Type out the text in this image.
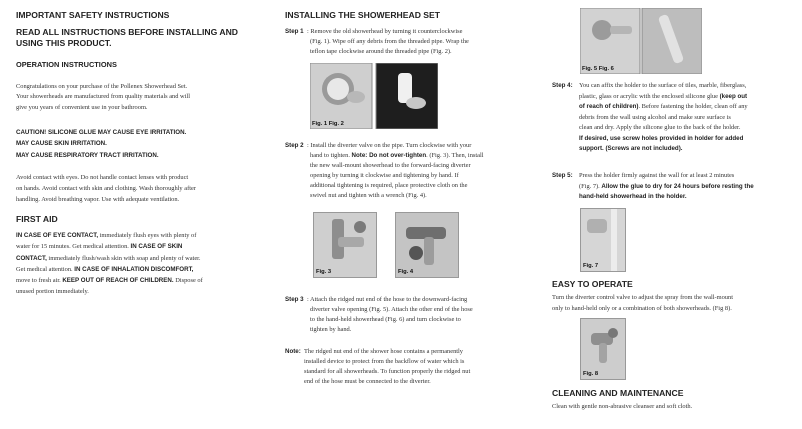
IMPORTANT SAFETY INSTRUCTIONS
READ ALL INSTRUCTIONS BEFORE INSTALLING AND
USING THIS PRODUCT.
OPERATION INSTRUCTIONS

Congratulations on your purchase of the Pollenex Showerhead Set.

Your showerheads are manufactured from quality materials and will

give you years of convenient use in your bathroom.

CAUTION! SILICONE GLUE MAY CAUSE EYE IRRITATION.

MAY CAUSE SKIN IRRITATION.

MAY CAUSE RESPIRATORY TRACT IRRITATION.

Avoid contact with eyes. Do not handle contact lenses with product

on hands. Avoid contact with skin and clothing. Wash thoroughly after

handling. Avoid breathing vapor. Use with adequate ventilation.

FIRST AID

IN CASE OF EYE CONTACT, immediately flush eyes with plenty of

water for 15 minutes. Get medical attention. IN CASE OF SKIN

CONTACT, immediately flush/wash skin with soap and plenty of water.

Get medical attention. IN CASE OF INHALATION DISCOMFORT,

move to fresh air. KEEP OUT OF REACH OF CHILDREN. Dispose of

unused portion immediately.

INSTALLING THE SHOWERHEAD SET
Step 1 : Remove the old showerhead by turning it counterclockwise

(Fig. 1). Wipe off any debris from the threaded pipe. Wrap the

teflon tape clockwise around the threaded pipe (Fig. 2).

Fig. 1 Fig. 2
Step 2 : Install the diverter valve on the pipe. Turn clockwise with your

hand to tighten. Note: Do not over-tighten. (Fig. 3). Then, install

the new wall-mount showerhead to the forward-facing diverter

opening by turning it clockwise and tightening by hand. If

additional tightening is required, place protective cloth on the

swivel nut and tighten with a wrench (Fig. 4).

Fig. 3	Fig. 4
Step 3 : Attach the ridged nut end of the hose to the downward-facing

diverter valve opening (Fig. 5). Attach the other end of the hose

to the hand-held showerhead (Fig. 6) and turn clockwise to

tighten by hand.

Note: The ridged nut end of the shower hose contains a permanently

installed device to protect from the backflow of water which is

standard for all showerheads. To function properly the ridged nut

end of the hose must be connected to the diverter.

Fig. 5 Fig. 6
Step 4: You can affix the holder to the surface of tiles, marble, fiberglass,

plastic, glass or acrylic with the enclosed silicone glue (keep out

of reach of children). Before fastening the holder, clean off any

debris from the wall using alcohol and make sure surface is

clean and dry. Apply the silicone glue to the back of the holder.

If desired, use screw holes provided in holder for added

support. (Screws are not included).

Step 5: Press the holder firmly against the wall for at least 2 minutes

(Fig. 7). Allow the glue to dry for 24 hours before resting the

hand-held showerhead in the holder.

Fig. 7
EASY TO OPERATE

Turn the diverter control valve to adjust the spray from the wall-mount

only to hand-held only or a combination of both showerheads. (Fig 8).

Fig. 8
CLEANING AND MAINTENANCE

Clean with gentle non-abrasive cleanser and soft cloth.
